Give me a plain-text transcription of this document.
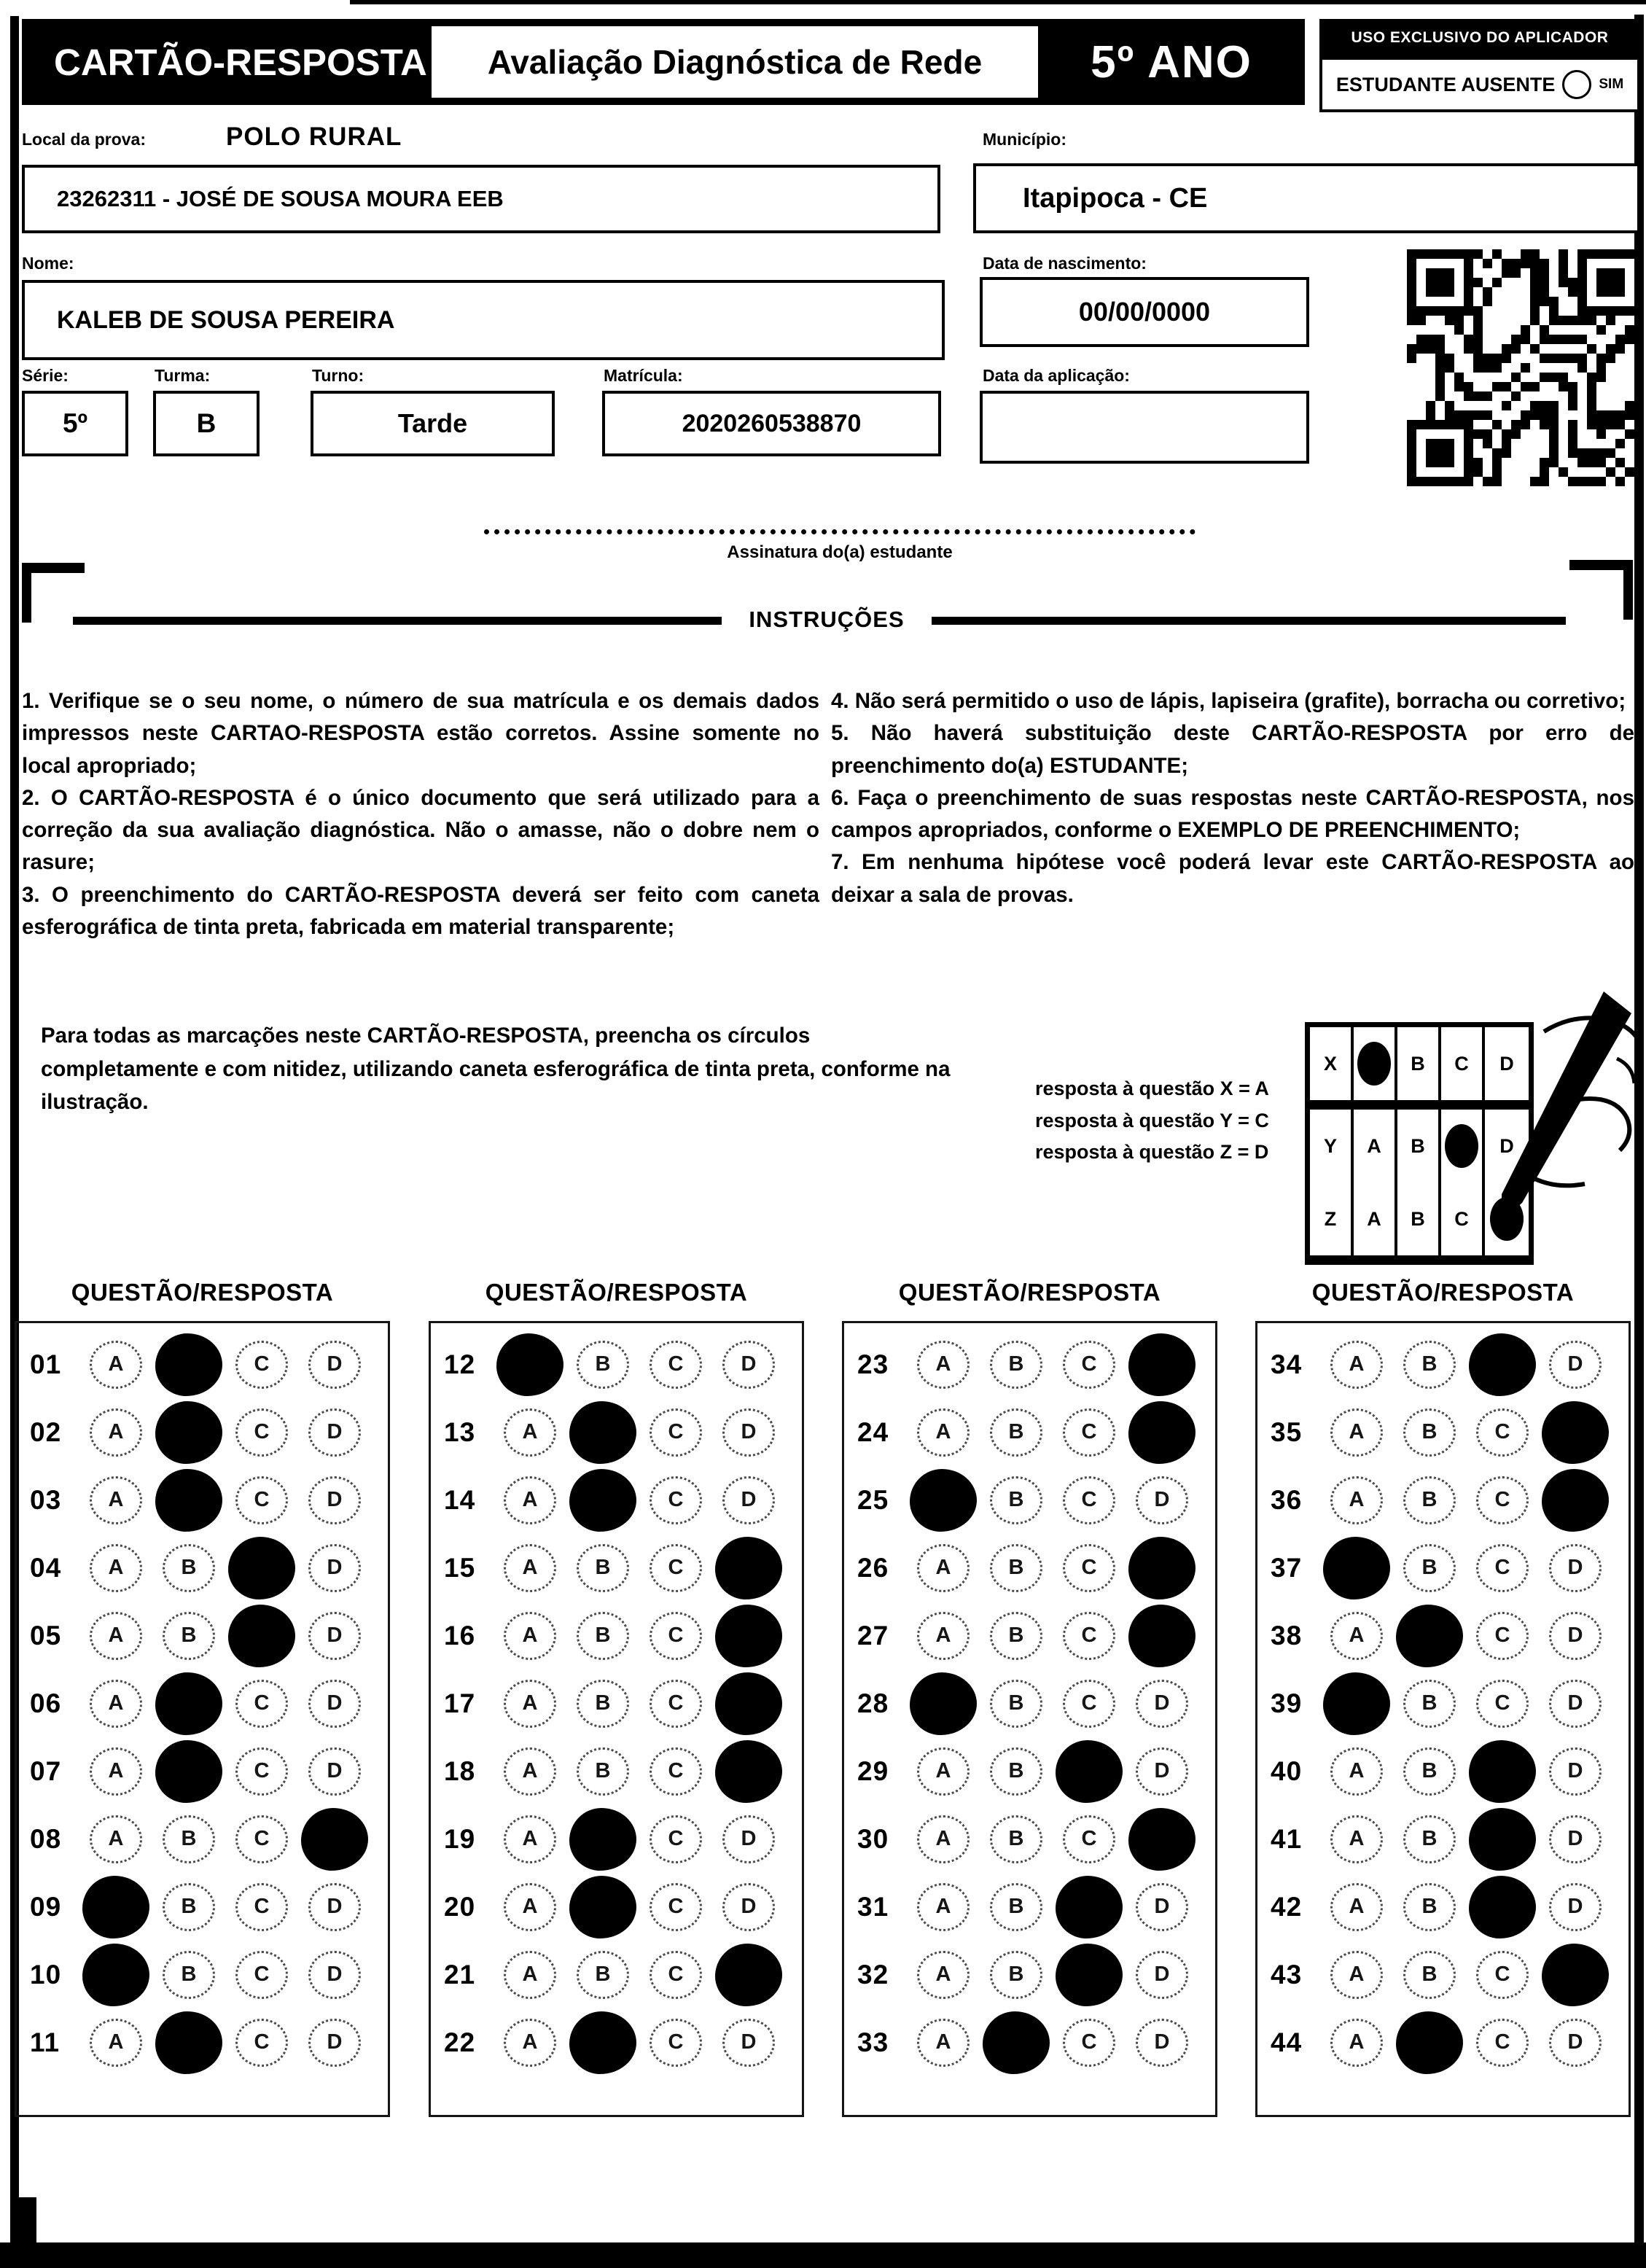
CARTÃO-RESPOSTA	Avaliação Diagnóstica de Rede	5º ANO	USO EXCLUSIVO DO APLICADOR
ESTUDANTE AUSENTE	SIM
Local da prova:	POLO RURAL
23262311 - JOSÉ DE SOUSA MOURA EEB
Município:
Itapipoca - CE
Nome:
KALEB DE SOUSA PEREIRA
Data de nascimento:
00/00/0000
Série:
5º
Turma:
B
Turno:
Tarde
Matrícula:
2020260538870
Data da aplicação:
Assinatura do(a) estudante
INSTRUÇÕES

1. Verifique se o seu nome, o número de sua matrícula e os demais dados impressos neste CARTAO-RESPOSTA estão corretos. Assine somente no local apropriado;

2. O CARTÃO-RESPOSTA é o único documento que será utilizado para a correção da sua avaliação diagnóstica. Não o amasse, não o dobre nem o rasure;

3. O preenchimento do CARTÃO-RESPOSTA deverá ser feito com caneta esferográfica de tinta preta, fabricada em material transparente;

4. Não será permitido o uso de lápis, lapiseira (grafite), borracha ou corretivo;

5. Não haverá substituição deste CARTÃO-RESPOSTA por erro de preenchimento do(a) ESTUDANTE;

6. Faça o preenchimento de suas respostas neste CARTÃO-RESPOSTA, nos campos apropriados, conforme o EXEMPLO DE PREENCHIMENTO;

7. Em nenhuma hipótese você poderá levar este CARTÃO-RESPOSTA ao deixar a sala de provas.

Para todas as marcações neste CARTÃO-RESPOSTA, preencha os círculos completamente e com nitidez, utilizando caneta esferográfica de tinta preta, conforme na ilustração.
resposta à questão X = A
resposta à questão Y = C
resposta à questão Z = D
X	B	C	D
Y	A	B	D
Z	A	B	C
QUESTÃO/RESPOSTA
01	A	C	D
02	A	C	D
03	A	C	D
04	A	B	D
05	A	B	D
06	A	C	D
07	A	C	D
08	A	B	C
09	B	C	D
10	B	C	D
11	A	C	D
QUESTÃO/RESPOSTA
12	B	C	D
13	A	C	D
14	A	C	D
15	A	B	C
16	A	B	C
17	A	B	C
18	A	B	C
19	A	C	D
20	A	C	D
21	A	B	C
22	A	C	D
QUESTÃO/RESPOSTA
23	A	B	C
24	A	B	C
25	B	C	D
26	A	B	C
27	A	B	C
28	B	C	D
29	A	B	D
30	A	B	C
31	A	B	D
32	A	B	D
33	A	C	D
QUESTÃO/RESPOSTA
34	A	B	D
35	A	B	C
36	A	B	C
37	B	C	D
38	A	C	D
39	B	C	D
40	A	B	D
41	A	B	D
42	A	B	D
43	A	B	C
44	A	C	D
